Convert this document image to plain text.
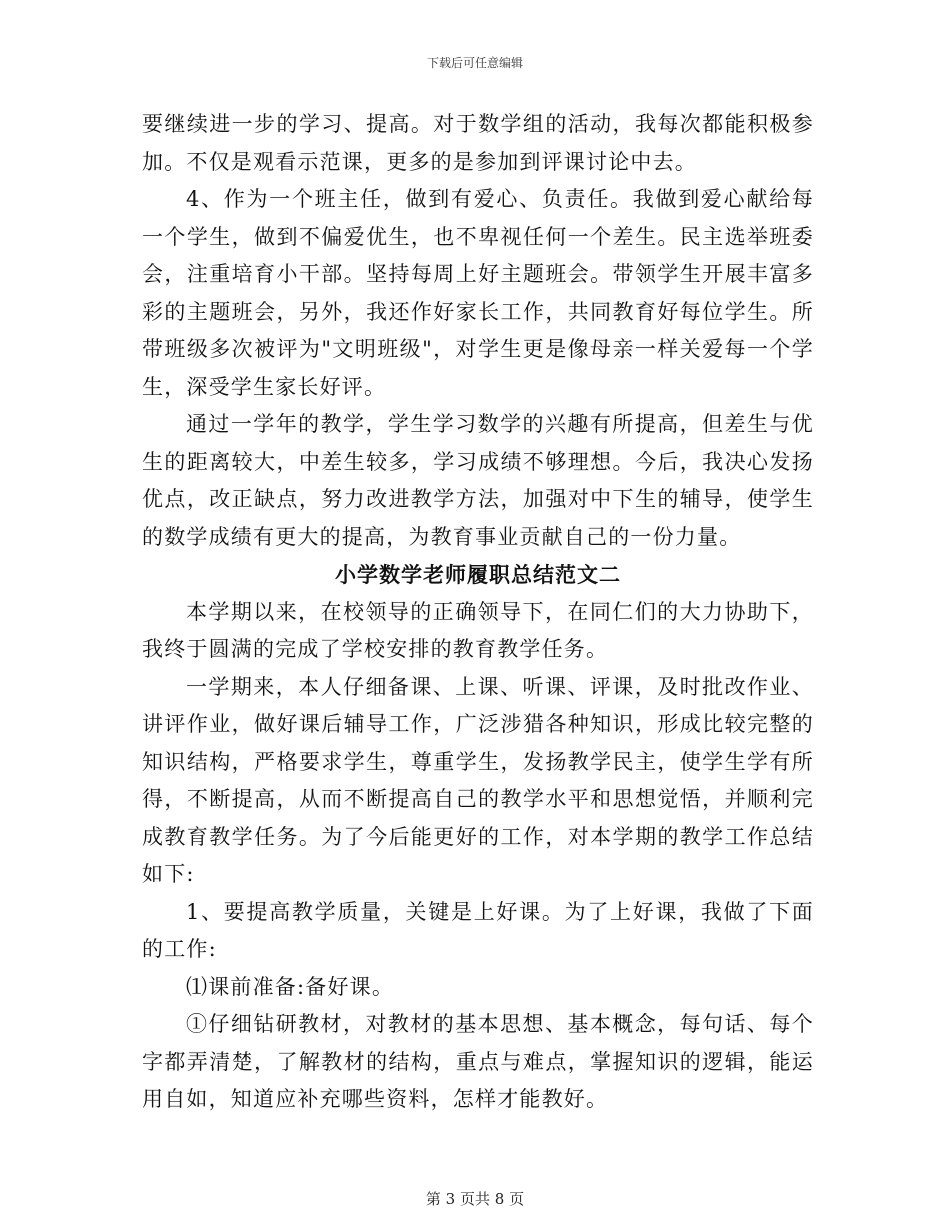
下载后可任意编辑

要继续进一步的学习、提高。对于数学组的活动，我每次都能积极参加。不仅是观看示范课，更多的是参加到评课讨论中去。

4、作为一个班主任，做到有爱心、负责任。我做到爱心献给每一个学生，做到不偏爱优生，也不卑视任何一个差生。民主选举班委会，注重培育小干部。坚持每周上好主题班会。带领学生开展丰富多彩的主题班会，另外，我还作好家长工作，共同教育好每位学生。所带班级多次被评为"文明班级"，对学生更是像母亲一样关爱每一个学生，深受学生家长好评。

通过一学年的教学，学生学习数学的兴趣有所提高，但差生与优生的距离较大，中差生较多，学习成绩不够理想。今后，我决心发扬优点，改正缺点，努力改进教学方法，加强对中下生的辅导，使学生的数学成绩有更大的提高，为教育事业贡献自己的一份力量。

小学数学老师履职总结范文二

本学期以来，在校领导的正确领导下，在同仁们的大力协助下，我终于圆满的完成了学校安排的教育教学任务。

一学期来，本人仔细备课、上课、听课、评课，及时批改作业、讲评作业，做好课后辅导工作，广泛涉猎各种知识，形成比较完整的知识结构，严格要求学生，尊重学生，发扬教学民主，使学生学有所得，不断提高，从而不断提高自己的教学水平和思想觉悟，并顺利完成教育教学任务。为了今后能更好的工作，对本学期的教学工作总结如下:

1、要提高教学质量，关键是上好课。为了上好课，我做了下面的工作:

⑴课前准备:备好课。

①仔细钻研教材，对教材的基本思想、基本概念，每句话、每个字都弄清楚，了解教材的结构，重点与难点，掌握知识的逻辑，能运用自如，知道应补充哪些资料，怎样才能教好。

第 3 页共 8 页
